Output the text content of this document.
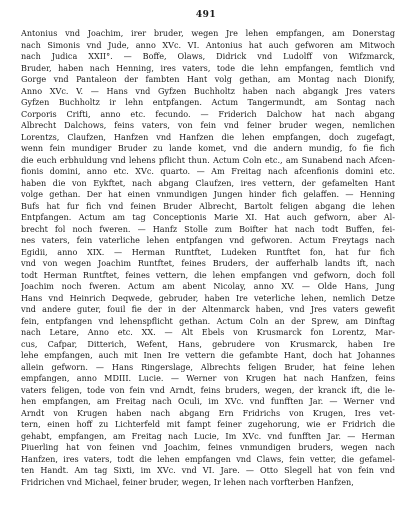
491
Antonius vnd Joachim, irer bruder, wegen Jre lehen empfangen, am Donerstag
nach Simonis vnd Jude, anno XVc. VI. Antonius hat auch gefworen am Mitwoch
nach Judica XXII°. — Boffe, Olaws, Didrick vnd Ludolff von Wifzmarck,
Bruder, haben nach Henning, ires vaters, tode die lehn empfangen, femtlich vnd
Gorge vnd Pantaleon der fambten Hant volg gethan, am Montag nach Dionify,
Anno XVc. V. — Hans vnd Gyfzen Buchholtz haben nach abgangk Jres vaters
Gyfzen Buchholtz ir lehn entpfangen. Actum Tangermundt, am Sontag nach
Corporis Crifti, anno etc. fecundo. — Friderich Dalchow hat nach abgang
Albrecht Dalchows, feins vaters, von fein vnd feiner bruder wegen, nemlichen
Lorentzs, Claufzen, Hanfzen vnd Hanfzen die lehen empfangen, doch zugefagt,
wenn fein mundiger Bruder zu lande komet, vnd die andern mundig, fo fie fich
die euch erbhuldung vnd lehens pflicht thun. Actum Coln etc., am Sunabend nach Afcen-
fionis domini, anno etc. XVc. quarto. — Am Freitag nach afcenfionis domini etc.
haben die von Eykftet, nach abgang Claufzen, ires vettern, der gefamelten Hant
volge gethan. Der hat einen vnmundigen Jungen hinder fich gelaffen. — Henning
Bufs hat fur fich vnd feinen Bruder Albrecht, Bartolt feligen abgang die lehen
Entpfangen. Actum am tag Conceptionis Marie XI. Hat auch gefworn, aber Al-
brecht fol noch fweren. — Hanfz Stolle zum Boifter hat nach todt Buffen, fei-
nes vaters, fein vaterliche lehen entpfangen vnd gefworen. Actum Freytags nach
Egidii, anno XIX. — Herman Runtftet, Ludeken Runtftet fon, hat fur fich
vnd von wegen Joachim Runtftet, feines Bruders, der aufferhalb landts ift, nach
todt Herman Runtftet, feines vettern, die lehen empfangen vnd gefworn, doch foll
Joachim noch fweren. Actum am abent Nicolay, anno XV. — Olde Hans, Jung
Hans vnd Heinrich Deqwede, gebruder, haben Ire veterliche lehen, nemlich Detze
vnd andere guter, fouil fie der in der Altenmarck haben, vnd Jres vaters gewefit
fein, entpfangen vnd lehenspflicht gethan. Actum Coln an der Sprew, am Dinftag
nach Letare, Anno etc. XX. — Alt Ebels von Krusmarck fon Lorentz, Mar-
cus, Cafpar, Ditterich, Wefent, Hans, gebrudere von Krusmarck, haben Ire
lehe empfangen, auch mit Inen Ire vettern die gefambte Hant, doch hat Johannes
allein gefworn. — Hans Ringerslage, Albrechts feligen Bruder, hat feine lehen
empfangen, anno MDIII. Lucie. — Werner von Krugen hat nach Hanfzen, feins
vaters feligen, tode von fein vnd Arndt, feins bruders, wegen, der kranck ift, die le-
hen empfangen, am Freitag nach Oculi, im XVc. vnd funfften Jar. — Werner vnd
Arndt von Krugen haben nach abgang Ern Fridrichs von Krugen, Ires vet-
tern, einen hoff zu Lichterfeld mit fampt feiner zugehorung, wie er Fridrich die
gehabt, empfangen, am Freitag nach Lucie, Im XVc. vnd funfften Jar. — Herman
Piuerling hat von feinen vnd Joachim, feines vnmundigen bruders, wegen nach
Hanfzen, ires vaters, todt die lehen empfangen vnd Claws, fein vetter, die gefamel-
ten Handt. Am tag Sixti, im XVc. vnd VI. Jare. — Otto Slegell hat von fein vnd
Fridrichen vnd Michael, feiner bruder, wegen, Ir lehen nach vorfterben Hanfzen,
